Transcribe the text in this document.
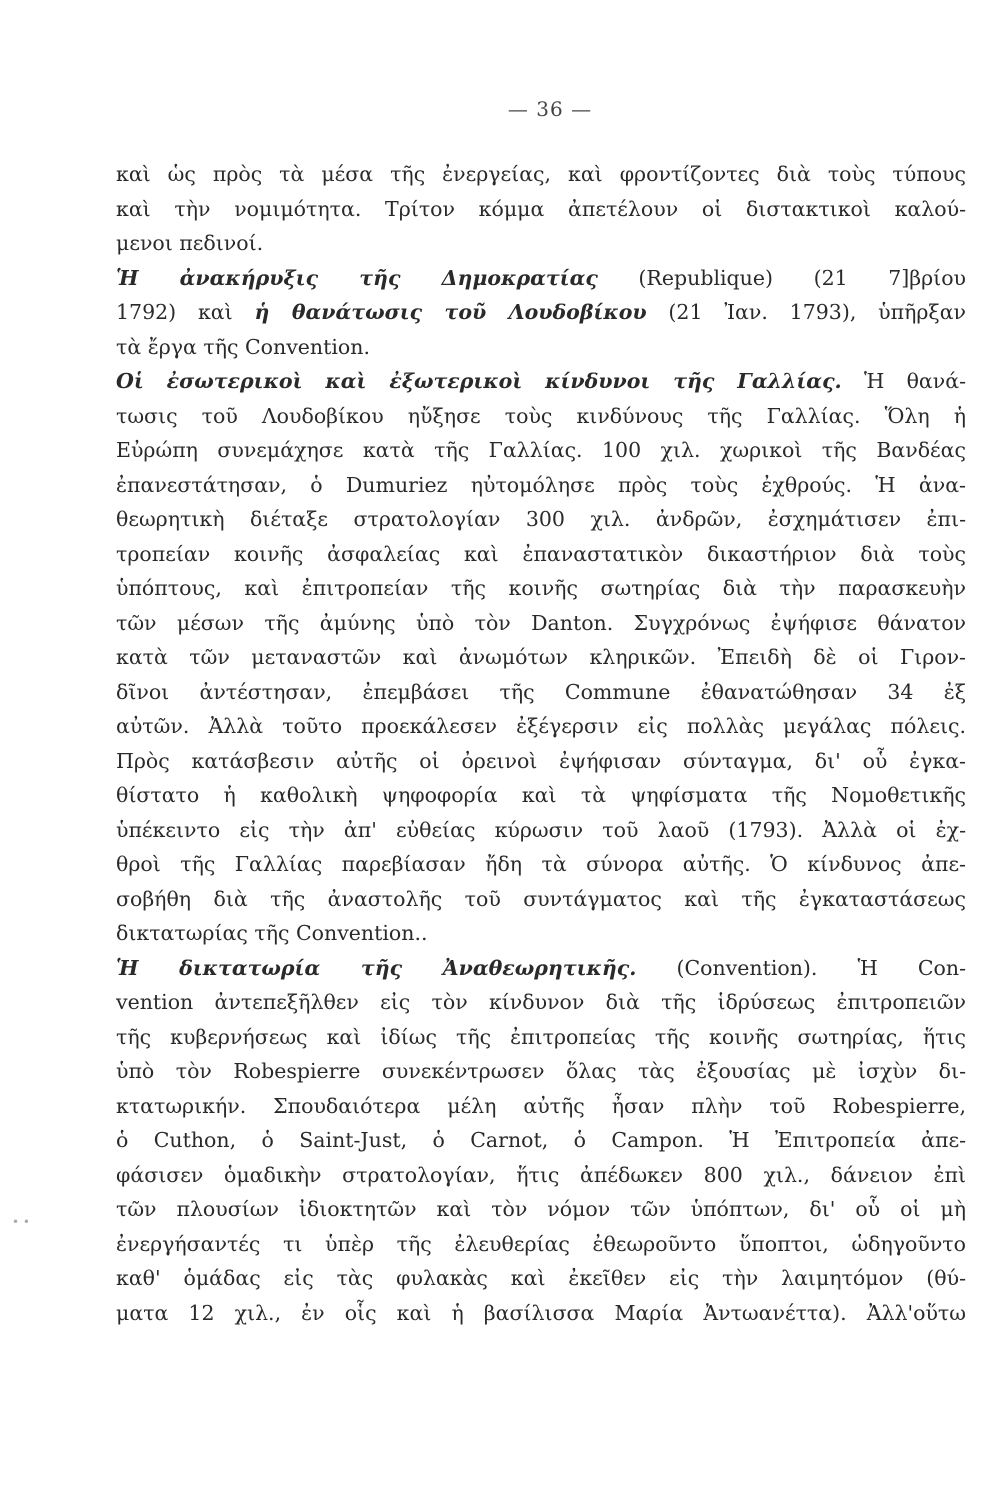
— 36 —
καὶ ὡς πρὸς τὰ μέσα τῆς ἐνεργείας, καὶ φροντίζοντες διὰ τοὺς τύπους
καὶ τὴν νομιμότητα. Τρίτον κόμμα ἀπετέλουν οἱ διστακτικοὶ καλού-
μενοι πεδινοί.
Ἡ ἀνακήρυξις τῆς Δημοκρατίας (Republique) (21 7]βρίου
1792) καὶ ἡ θανάτωσις τοῦ Λουδοβίκου (21 Ἰαν. 1793), ὑπῆρξαν
τὰ ἔργα τῆς Convention.
Οἱ ἐσωτερικοὶ καὶ ἐξωτερικοὶ κίνδυνοι τῆς Γαλλίας. Ἡ θανά-
τωσις τοῦ Λουδοβίκου ηὔξησε τοὺς κινδύνους τῆς Γαλλίας. Ὅλη ἡ
Εὐρώπη συνεμάχησε κατὰ τῆς Γαλλίας. 100 χιλ. χωρικοὶ τῆς Βανδέας
ἐπανεστάτησαν, ὁ Dumuriez ηὐτομόλησε πρὸς τοὺς ἐχθρούς. Ἡ ἀνα-
θεωρητικὴ διέταξε στρατολογίαν 300 χιλ. ἀνδρῶν, ἐσχημάτισεν ἐπι-
τροπείαν κοινῆς ἀσφαλείας καὶ ἐπαναστατικὸν δικαστήριον διὰ τοὺς
ὑπόπτους, καὶ ἐπιτροπείαν τῆς κοινῆς σωτηρίας διὰ τὴν παρασκευὴν
τῶν μέσων τῆς ἀμύνης ὑπὸ τὸν Danton. Συγχρόνως ἐψήφισε θάνατον
κατὰ τῶν μεταναστῶν καὶ ἀνωμότων κληρικῶν. Ἐπειδὴ δὲ οἱ Γιρον-
δῖνοι ἀντέστησαν, ἐπεμβάσει τῆς Commune ἐθανατώθησαν 34 ἐξ
αὐτῶν. Ἀλλὰ τοῦτο προεκάλεσεν ἐξέγερσιν εἰς πολλὰς μεγάλας πόλεις.
Πρὸς κατάσβεσιν αὐτῆς οἱ ὀρεινοὶ ἐψήφισαν σύνταγμα, δι' οὗ ἐγκα-
θίστατο ἡ καθολικὴ ψηφοφορία καὶ τὰ ψηφίσματα τῆς Νομοθετικῆς
ὑπέκειντο εἰς τὴν ἀπ' εὐθείας κύρωσιν τοῦ λαοῦ (1793). Ἀλλὰ οἱ ἐχ-
θροὶ τῆς Γαλλίας παρεβίασαν ἤδη τὰ σύνορα αὐτῆς. Ὁ κίνδυνος ἀπε-
σοβήθη διὰ τῆς ἀναστολῆς τοῦ συντάγματος καὶ τῆς ἐγκαταστάσεως
δικτατωρίας τῆς Convention..
Ἡ δικτατωρία τῆς Ἀναθεωρητικῆς. (Convention). Ἡ Con-
vention ἀντεπεξῆλθεν εἰς τὸν κίνδυνον διὰ τῆς ἱδρύσεως ἐπιτροπειῶν
τῆς κυβερνήσεως καὶ ἰδίως τῆς ἐπιτροπείας τῆς κοινῆς σωτηρίας, ἥτις
ὑπὸ τὸν Robespierre συνεκέντρωσεν ὅλας τὰς ἐξουσίας μὲ ἰσχὺν δι-
κτατωρικήν. Σπουδαιότερα μέλη αὐτῆς ἦσαν πλὴν τοῦ Robespierre,
ὁ Cuthon, ὁ Saint-Just, ὁ Carnot, ὁ Campon. Ἡ Ἐπιτροπεία ἀπε-
φάσισεν ὁμαδικὴν στρατολογίαν, ἥτις ἀπέδωκεν 800 χιλ., δάνειον ἐπὶ
τῶν πλουσίων ἰδιοκτητῶν καὶ τὸν νόμον τῶν ὑπόπτων, δι' οὗ οἱ μὴ
ἐνεργήσαντές τι ὑπὲρ τῆς ἐλευθερίας ἐθεωροῦντο ὕποπτοι, ὡδηγοῦντο
καθ' ὁμάδας εἰς τὰς φυλακὰς καὶ ἐκεῖθεν εἰς τὴν λαιμητόμον (θύ-
ματα 12 χιλ., ἐν οἷς καὶ ἡ βασίλισσα Μαρία Ἀντωανέττα). Ἀλλ'οὕτω
• •
